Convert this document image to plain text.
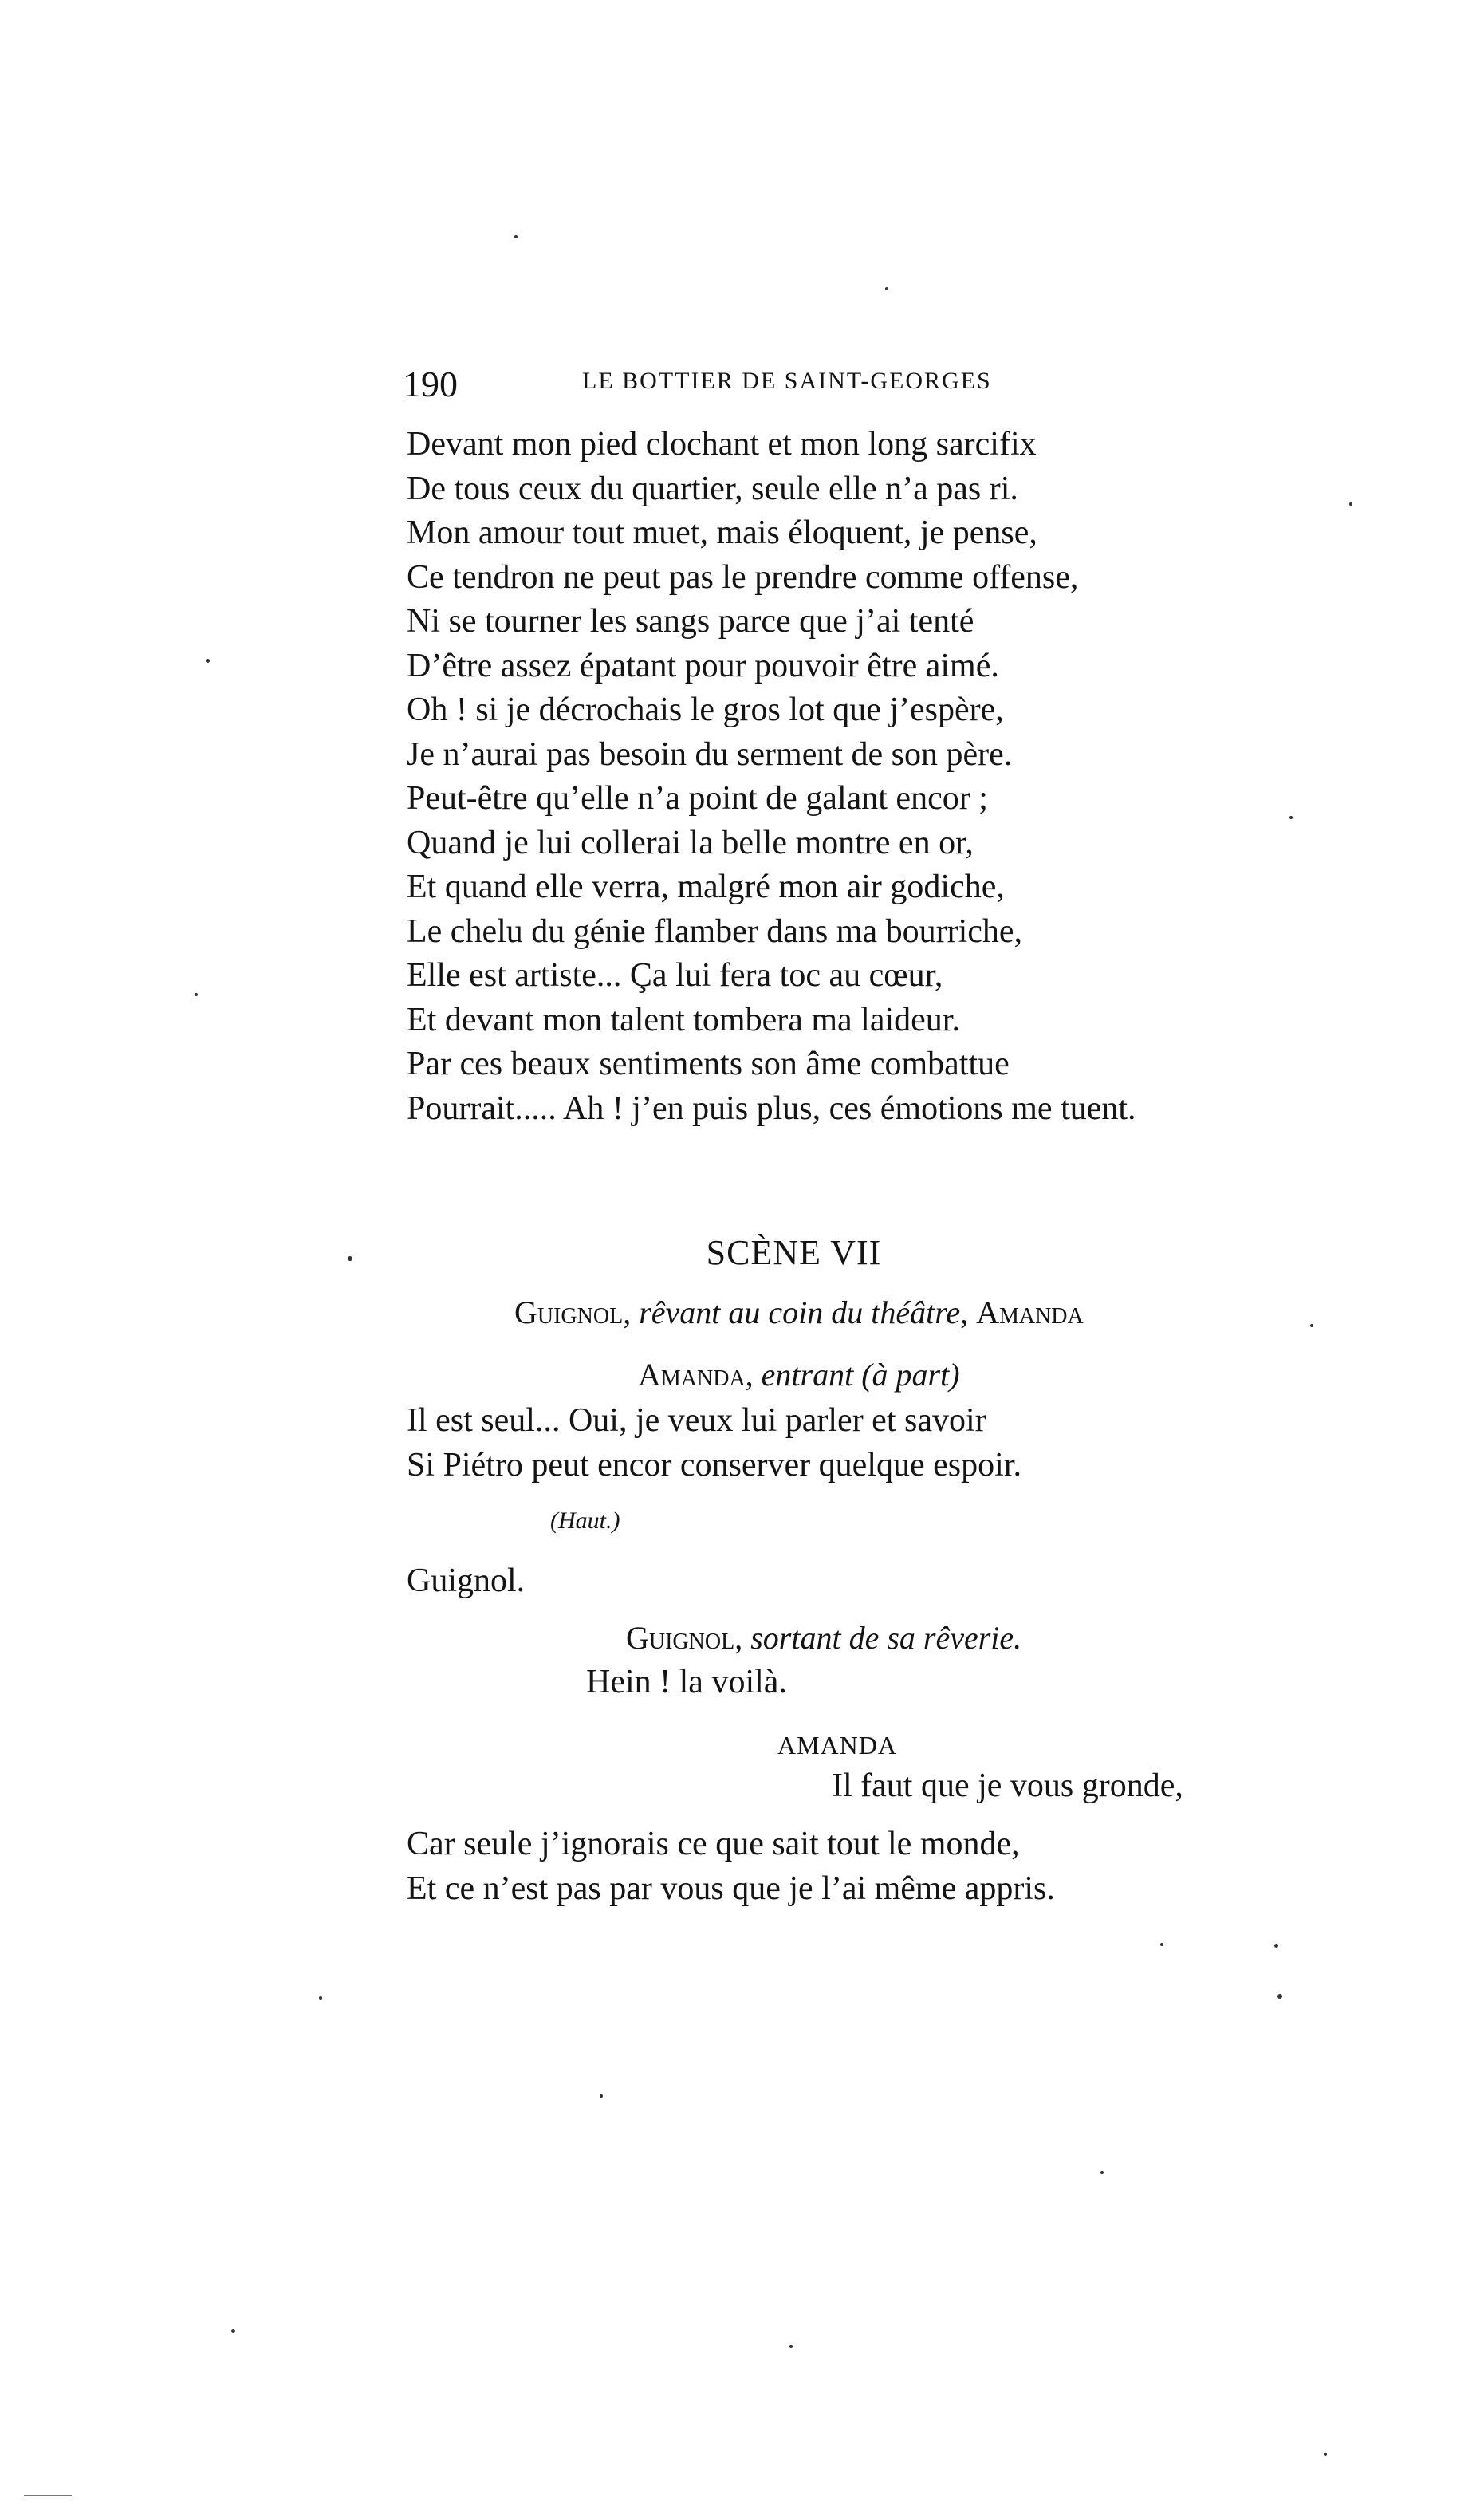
190	LE BOTTIER DE SAINT-GEORGES
Devant mon pied clochant et mon long sarcifix
De tous ceux du quartier, seule elle n’a pas ri.
Mon amour tout muet, mais éloquent, je pense,
Ce tendron ne peut pas le prendre comme offense,
Ni se tourner les sangs parce que j’ai tenté
D’être assez épatant pour pouvoir être aimé.
Oh ! si je décrochais le gros lot que j’espère,
Je n’aurai pas besoin du serment de son père.
Peut-être qu’elle n’a point de galant encor ;
Quand je lui collerai la belle montre en or,
Et quand elle verra, malgré mon air godiche,
Le chelu du génie flamber dans ma bourriche,
Elle est artiste... Ça lui fera toc au cœur,
Et devant mon talent tombera ma laideur.
Par ces beaux sentiments son âme combattue
Pourrait..... Ah ! j’en puis plus, ces émotions me tuent.
SCÈNE VII
Guignol, rêvant au coin du théâtre, Amanda
Amanda, entrant (à part)
Il est seul... Oui, je veux lui parler et savoir
Si Piétro peut encor conserver quelque espoir.
(Haut.)
Guignol.
Guignol, sortant de sa rêverie.
Hein ! la voilà.
AMANDA
Il faut que je vous gronde,
Car seule j’ignorais ce que sait tout le monde,
Et ce n’est pas par vous que je l’ai même appris.
